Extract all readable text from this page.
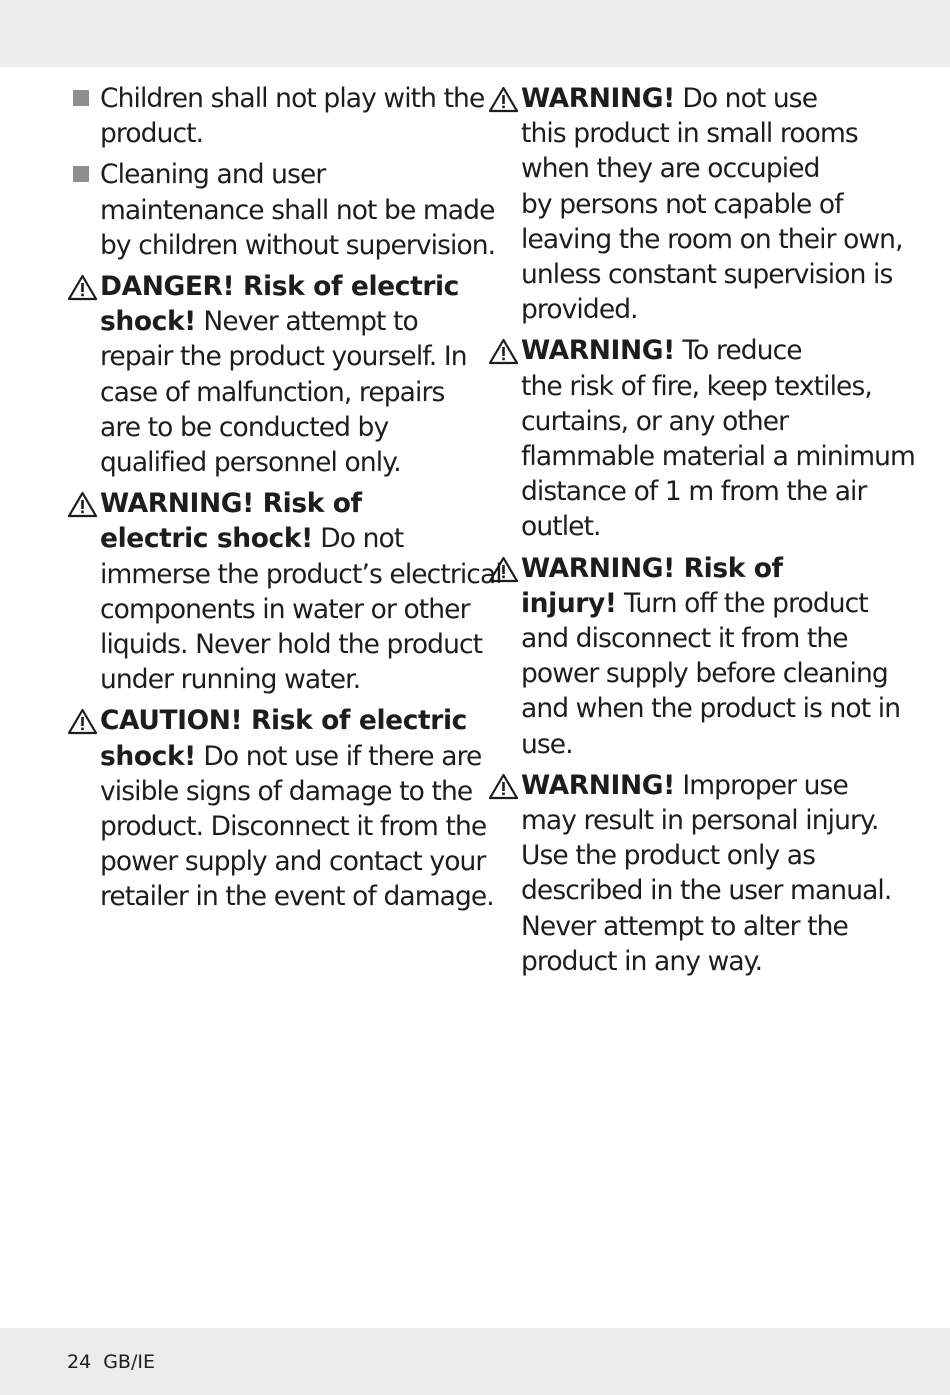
Children shall not play with the
product.
Cleaning and user
maintenance shall not be made
by children without supervision.
DANGER! Risk of electric
shock! Never attempt to
repair the product yourself. In
case of malfunction, repairs
are to be conducted by
qualified personnel only.
WARNING! Risk of
electric shock! Do not
immerse the product’s electrical
components in water or other
liquids. Never hold the product
under running water.
CAUTION! Risk of electric
shock! Do not use if there are
visible signs of damage to the
product. Disconnect it from the
power supply and contact your
retailer in the event of damage.
WARNING! Do not use
this product in small rooms
when they are occupied
by persons not capable of
leaving the room on their own,
unless constant supervision is
provided.
WARNING! To reduce
the risk of fire, keep textiles,
curtains, or any other
flammable material a minimum
distance of 1 m from the air
outlet.
WARNING! Risk of
injury! Turn off the product
and disconnect it from the
power supply before cleaning
and when the product is not in
use.
WARNING! Improper use
may result in personal injury.
Use the product only as
described in the user manual.
Never attempt to alter the
product in any way.
24 GB/IE
